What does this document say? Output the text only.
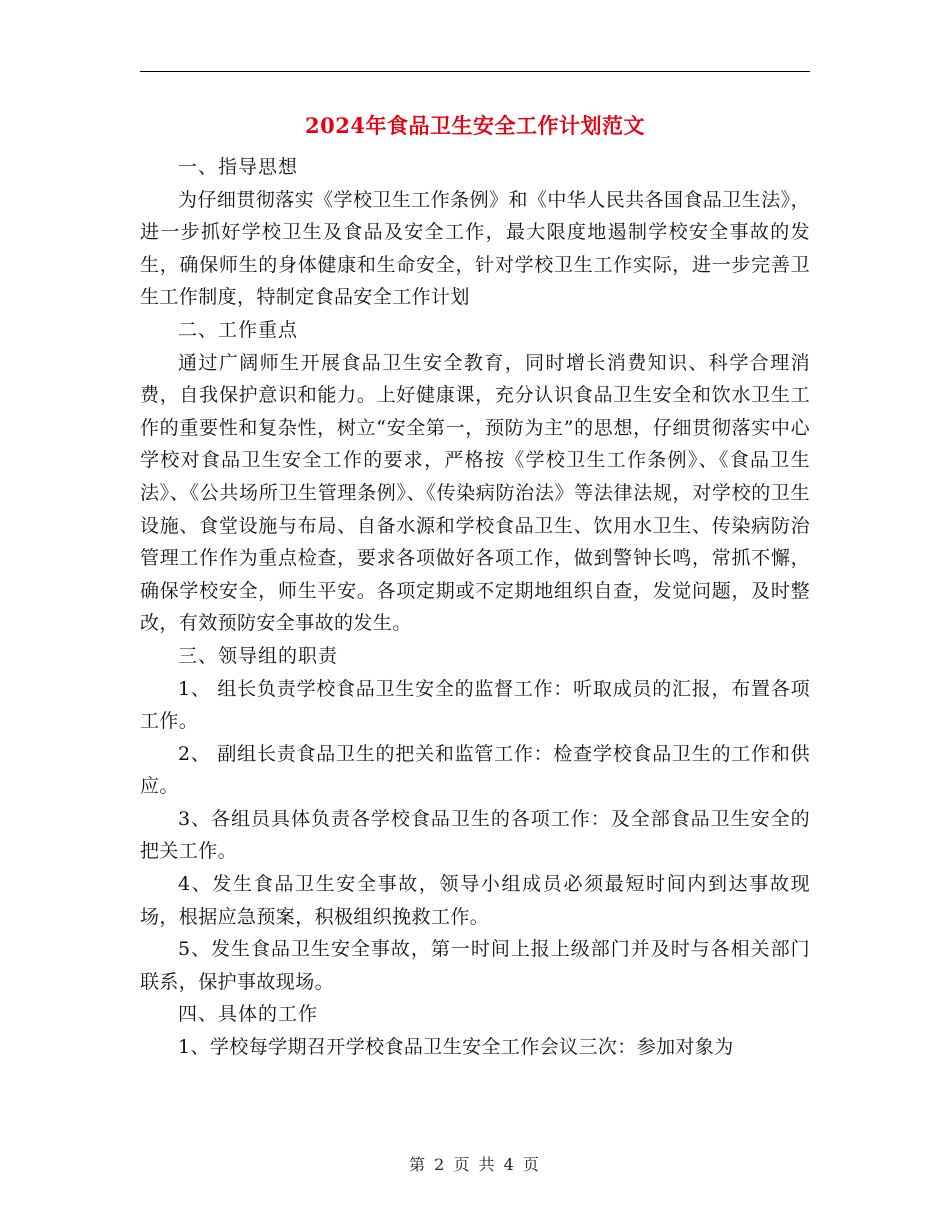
2024年食品卫生安全工作计划范文

一、指导思想

为仔细贯彻落实《学校卫生工作条例》和《中华人民共各国食品卫生法》，进一步抓好学校卫生及食品及安全工作，最大限度地遏制学校安全事故的发生，确保师生的身体健康和生命安全，针对学校卫生工作实际，进一步完善卫生工作制度，特制定食品安全工作计划

二、工作重点

通过广阔师生开展食品卫生安全教育，同时增长消费知识、科学合理消费，自我保护意识和能力。上好健康课，充分认识食品卫生安全和饮水卫生工作的重要性和复杂性，树立“安全第一，预防为主”的思想，仔细贯彻落实中心学校对食品卫生安全工作的要求，严格按《学校卫生工作条例》、《食品卫生法》、《公共场所卫生管理条例》、《传染病防治法》等法律法规，对学校的卫生设施、食堂设施与布局、自备水源和学校食品卫生、饮用水卫生、传染病防治管理工作作为重点检查，要求各项做好各项工作，做到警钟长鸣，常抓不懈，确保学校安全，师生平安。各项定期或不定期地组织自查，发觉问题，及时整改，有效预防安全事故的发生。

三、领导组的职责

1、 组长负责学校食品卫生安全的监督工作：听取成员的汇报，布置各项工作。

2、 副组长责食品卫生的把关和监管工作：检查学校食品卫生的工作和供应。

3、各组员具体负责各学校食品卫生的各项工作：及全部食品卫生安全的把关工作。

4、发生食品卫生安全事故，领导小组成员必须最短时间内到达事故现场，根据应急预案，积极组织挽救工作。

5、发生食品卫生安全事故，第一时间上报上级部门并及时与各相关部门联系，保护事故现场。

四、具体的工作

1、学校每学期召开学校食品卫生安全工作会议三次：参加对象为

第 2 页 共 4 页
